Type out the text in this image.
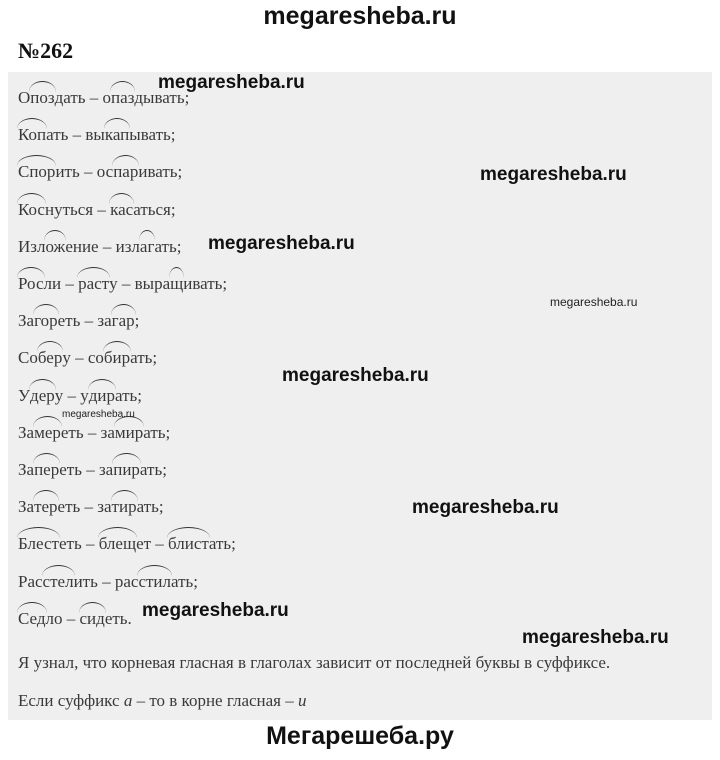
megaresheba.ru
№262
Опоздать – опаздывать;
Копать – выкапывать;
Спорить – оспаривать;
Коснуться – касаться;
Изложение – излагать;
Росли – расту – выращивать;
Загореть – загар;
Соберу – собирать;
Удеру – удирать;
Замереть – замирать;
Запереть – запирать;
Затереть – затирать;
Блестеть – блещет – блистать;
Расстелить – расстилать;
Седло – сидеть.
Я узнал, что корневая гласная в глаголах зависит от последней буквы в суффиксе.
Если суффикс а – то в корне гласная – и
megaresheba.ru
megaresheba.ru
megaresheba.ru
megaresheba.ru
megaresheba.ru
megaresheba.ru
megaresheba.ru
megaresheba.ru
megaresheba.ru
Мегарешеба.ру
